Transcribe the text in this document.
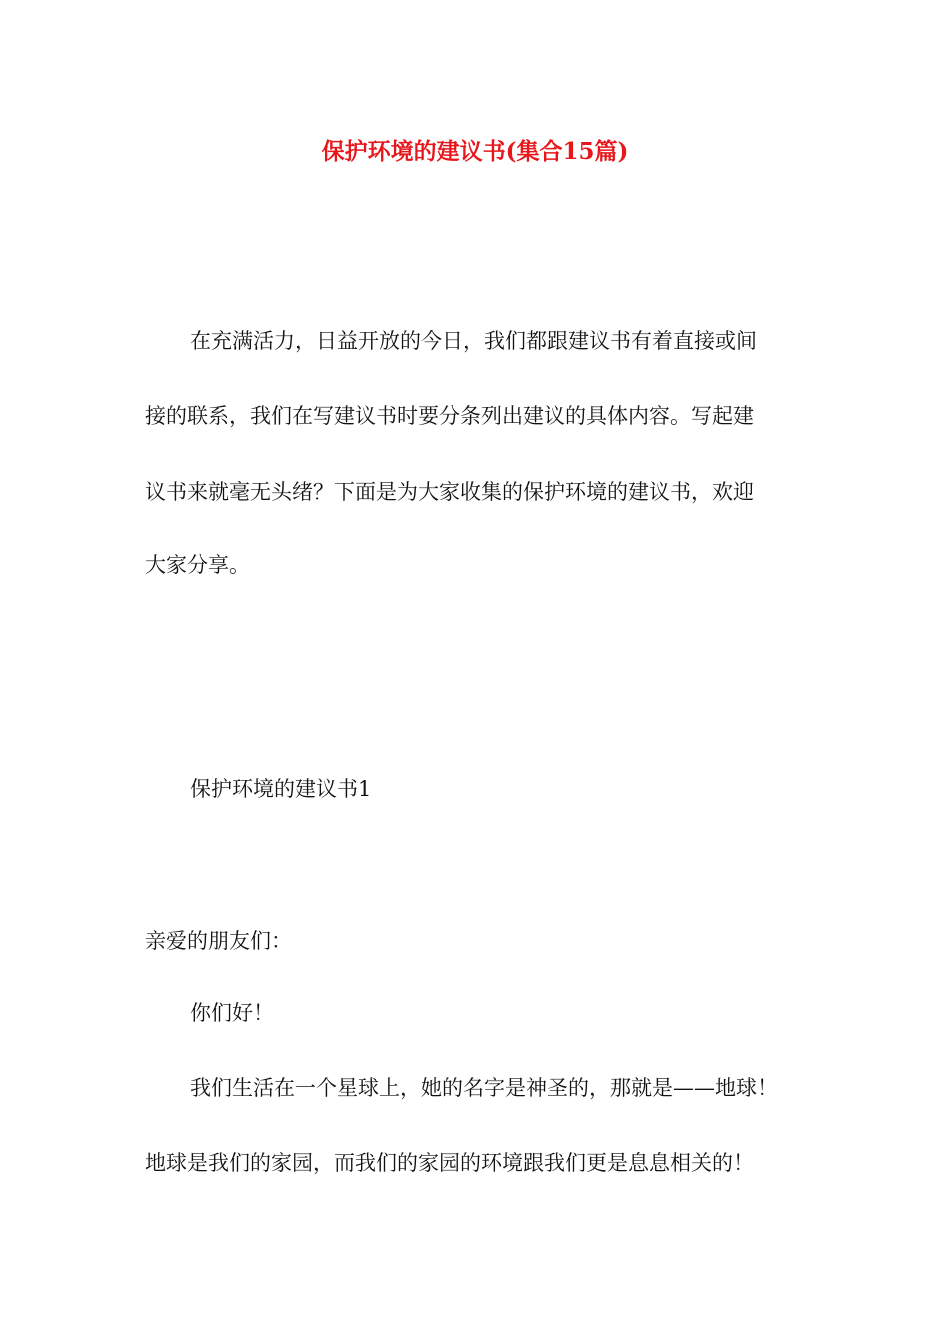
保护环境的建议书(集合15篇)
在充满活力，日益开放的今日，我们都跟建议书有着直接或间
接的联系，我们在写建议书时要分条列出建议的具体内容。写起建
议书来就毫无头绪？下面是为大家收集的保护环境的建议书，欢迎
大家分享。
保护环境的建议书1
亲爱的朋友们：
你们好！
我们生活在一个星球上，她的名字是神圣的，那就是——地球！
地球是我们的家园，而我们的家园的环境跟我们更是息息相关的！
